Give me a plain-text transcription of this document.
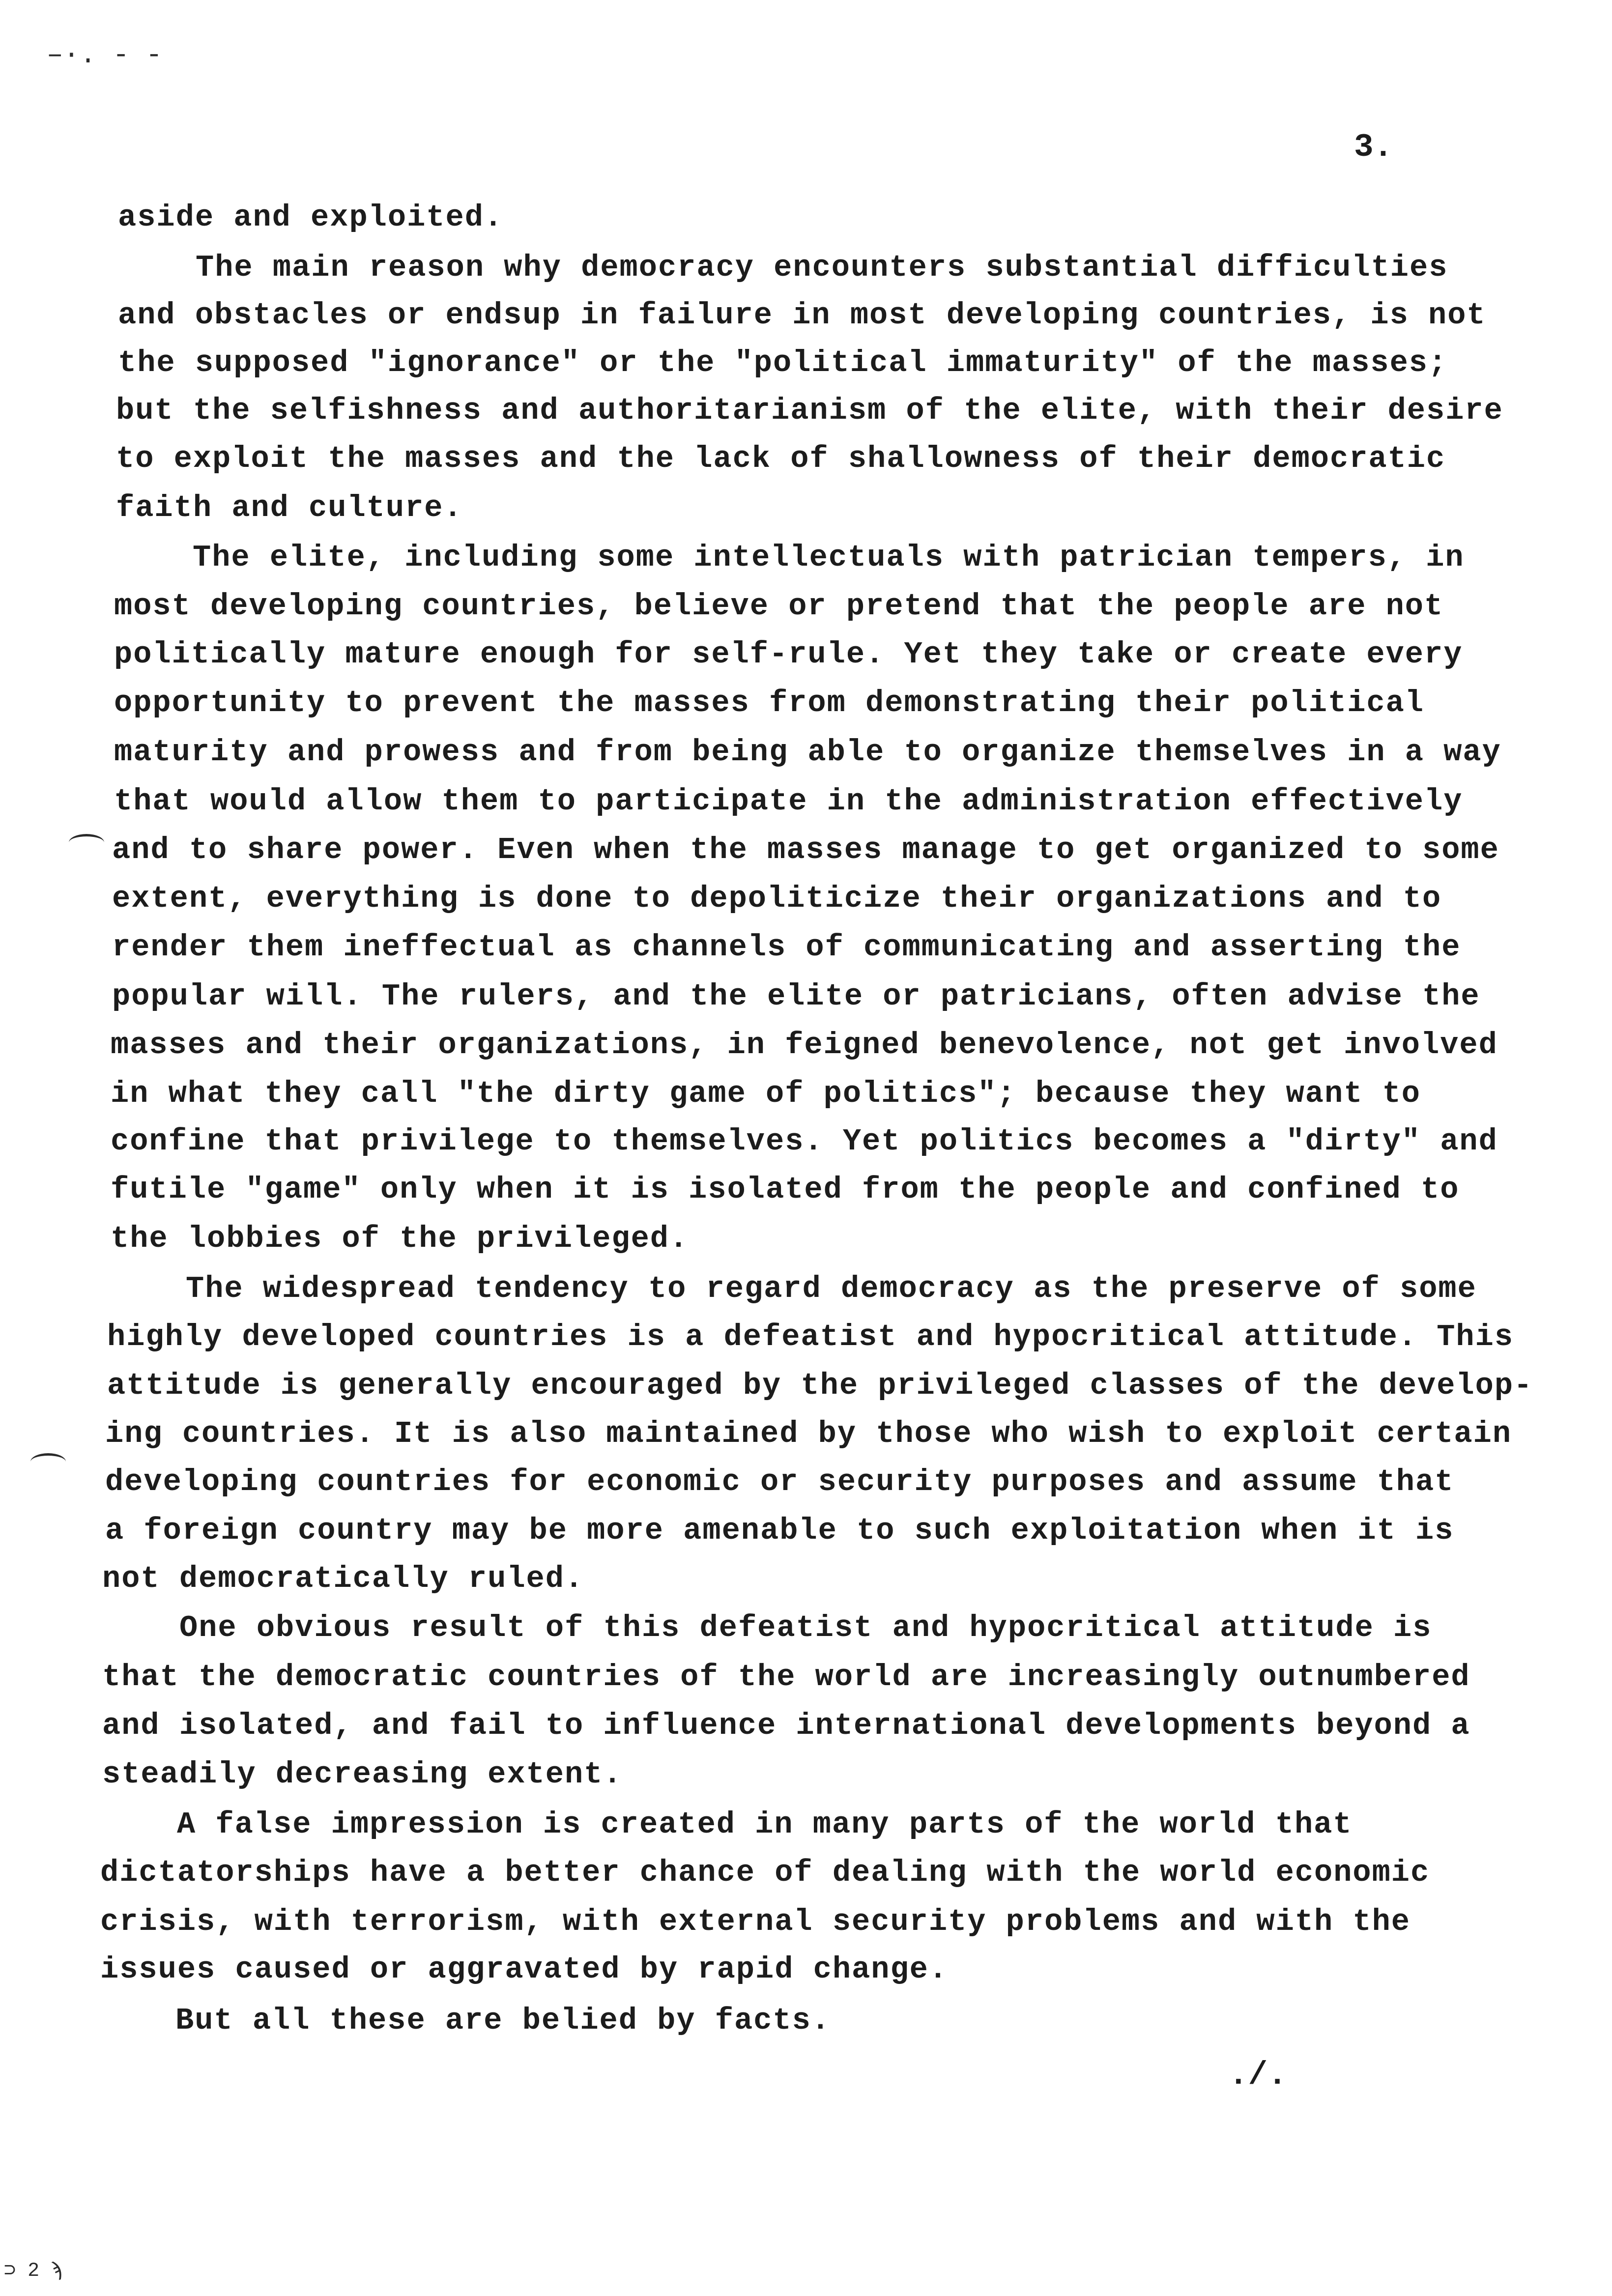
–·. - -
3.
aside and exploited.
The main reason why democracy encounters substantial difficulties
and obstacles or endsup in failure in most developing countries, is not
the supposed "ignorance" or the "political immaturity" of the masses;
but the selfishness and authoritarianism of the elite, with their desire
to exploit the masses and the lack of shallowness of their democratic
faith and culture.
The elite, including some intellectuals with patrician tempers, in
most developing countries, believe or pretend that the people are not
politically mature enough for self-rule. Yet they take or create every
opportunity to prevent the masses from demonstrating their political
maturity and prowess and from being able to organize themselves in a way
that would allow them to participate in the administration effectively
and to share power. Even when the masses manage to get organized to some
extent, everything is done to depoliticize their organizations and to
render them ineffectual as channels of communicating and asserting the
popular will. The rulers, and the elite or patricians, often advise the
masses and their organizations, in feigned benevolence, not get involved
in what they call "the dirty game of politics"; because they want to
confine that privilege to themselves. Yet politics becomes a "dirty" and
futile "game" only when it is isolated from the people and confined to
the lobbies of the privileged.
The widespread tendency to regard democracy as the preserve of some
highly developed countries is a defeatist and hypocritical attitude. This
attitude is generally encouraged by the privileged classes of the develop-
ing countries. It is also maintained by those who wish to exploit certain
developing countries for economic or security purposes and assume that
a foreign country may be more amenable to such exploitation when it is
not democratically ruled.
One obvious result of this defeatist and hypocritical attitude is
that the democratic countries of the world are increasingly outnumbered
and isolated, and fail to influence international developments beyond a
steadily decreasing extent.
A false impression is created in many parts of the world that
dictatorships have a better chance of dealing with the world economic
crisis, with terrorism, with external security problems and with the
issues caused or aggravated by rapid change.
But all these are belied by facts.
./.
⊃ 2 ϡ
